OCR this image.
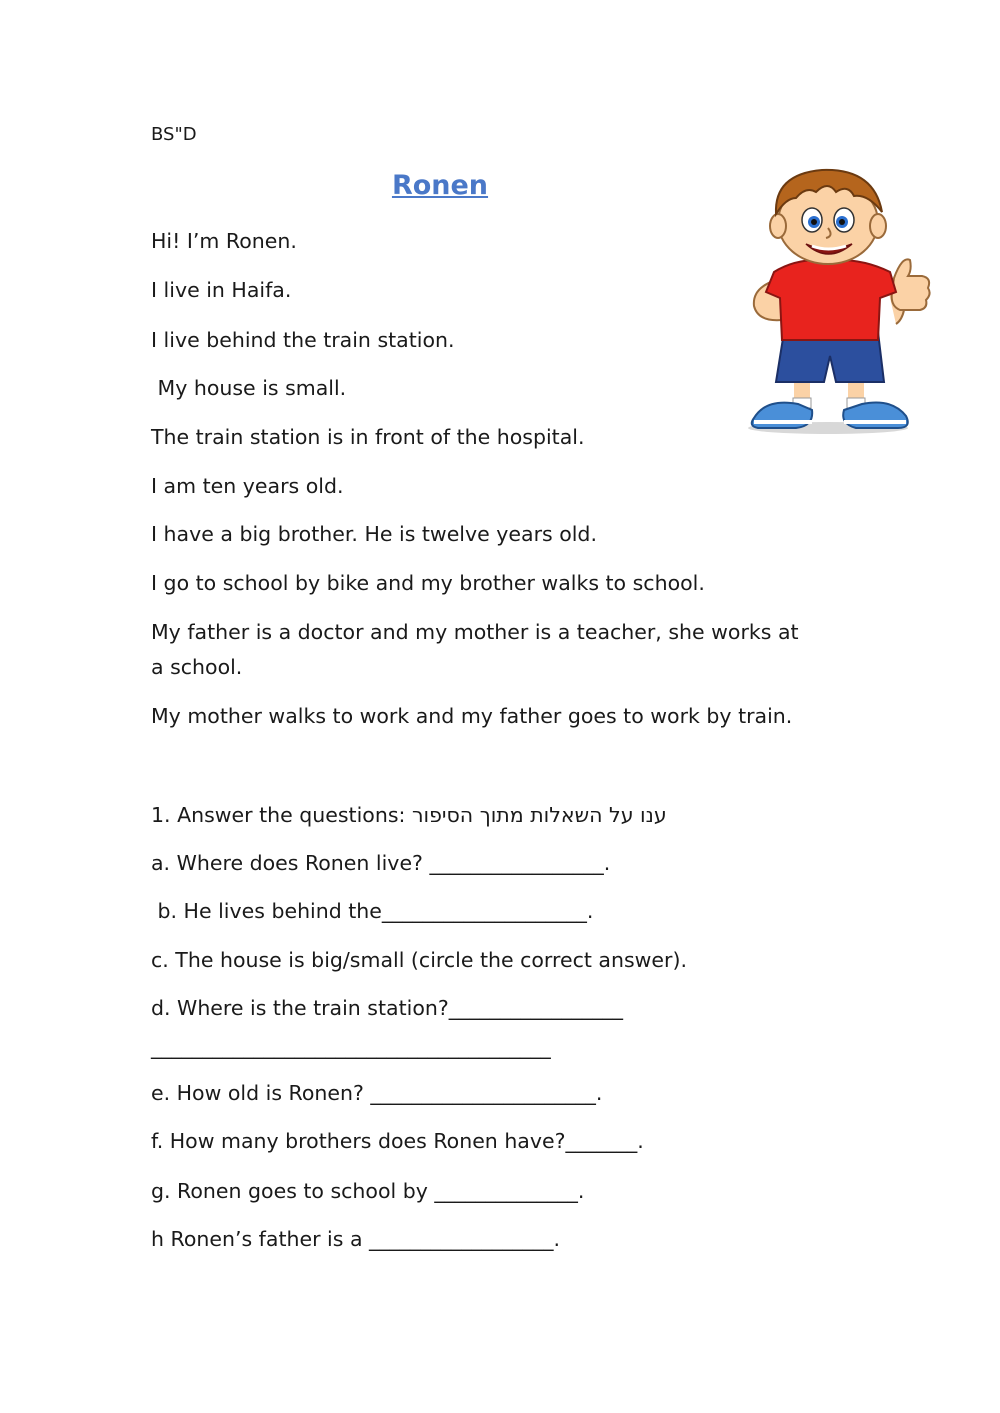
BS"D
Ronen
Hi! I’m Ronen.
I live in Haifa.
I live behind the train station.
My house is small.
The train station is in front of the hospital.
I am ten years old.
I have a big brother. He is twelve years old.
I go to school by bike and my brother walks to school.
My father is a doctor and my mother is a teacher, she works at
a school.
My mother walks to work and my father goes to work by train.
1. Answer the questions: ענו על השאלות מתוך הסיפור
a. Where does Ronen live? _________________.
b. He lives behind the____________________.
c. The house is big/small (circle the correct answer).
d. Where is the train station?_________________
_______________________________________
e. How old is Ronen? ______________________.
f. How many brothers does Ronen have?_______.
g. Ronen goes to school by ______________.
h Ronen’s father is a __________________.
